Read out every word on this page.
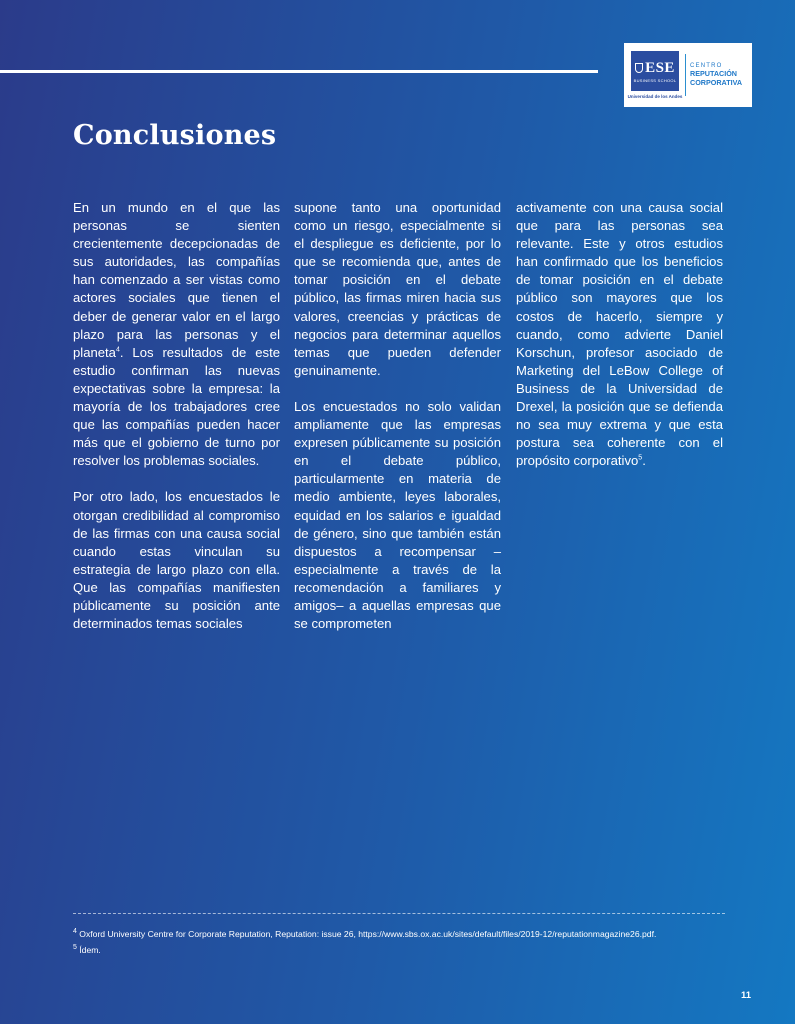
ESE
BUSINESS SCHOOL
Universidad de los Andes
CENTRO
REPUTACIÓN
CORPORATIVA
Conclusiones

En un mundo en el que las personas se sienten crecientemente decepcionadas de sus autoridades, las compañías han comenzado a ser vistas como actores sociales que tienen el deber de generar valor en el largo plazo para las personas y el planeta$^4$. Los resultados de este estudio confirman las nuevas expectativas sobre la empresa: la mayoría de los trabajadores cree que las compañías pueden hacer más que el gobierno de turno por resolver los problemas sociales.

Por otro lado, los encuestados le otorgan credibilidad al compromiso de las firmas con una causa social cuando estas vinculan su estrategia de largo plazo con ella. Que las compañías manifiesten públicamente su posición ante determinados temas sociales

supone tanto una oportunidad como un riesgo, especialmente si el despliegue es deficiente, por lo que se recomienda que, antes de tomar posición en el debate público, las firmas miren hacia sus valores, creencias y prácticas de negocios para determinar aquellos temas que pueden defender genuinamente.

Los encuestados no solo validan ampliamente que las empresas expresen públicamente su posición en el debate público, particularmente en materia de medio ambiente, leyes laborales, equidad en los salarios e igualdad de género, sino que también están dispuestos a recompensar –especialmente a través de la recomendación a familiares y amigos– a aquellas empresas que se comprometen

activamente con una causa social que para las personas sea relevante. Este y otros estudios han confirmado que los beneficios de tomar posición en el debate público son mayores que los costos de hacerlo, siempre y cuando, como advierte Daniel Korschun, profesor asociado de Marketing del LeBow College of Business de la Universidad de Drexel, la posición que se defienda no sea muy extrema y que esta postura sea coherente con el propósito corporativo$^5$.

$^4$ Oxford University Centre for Corporate Reputation, Reputation: issue 26, https://www.sbs.ox.ac.uk/sites/default/files/2019-12/reputationmagazine26.pdf.
$^5$ Ídem.
11
